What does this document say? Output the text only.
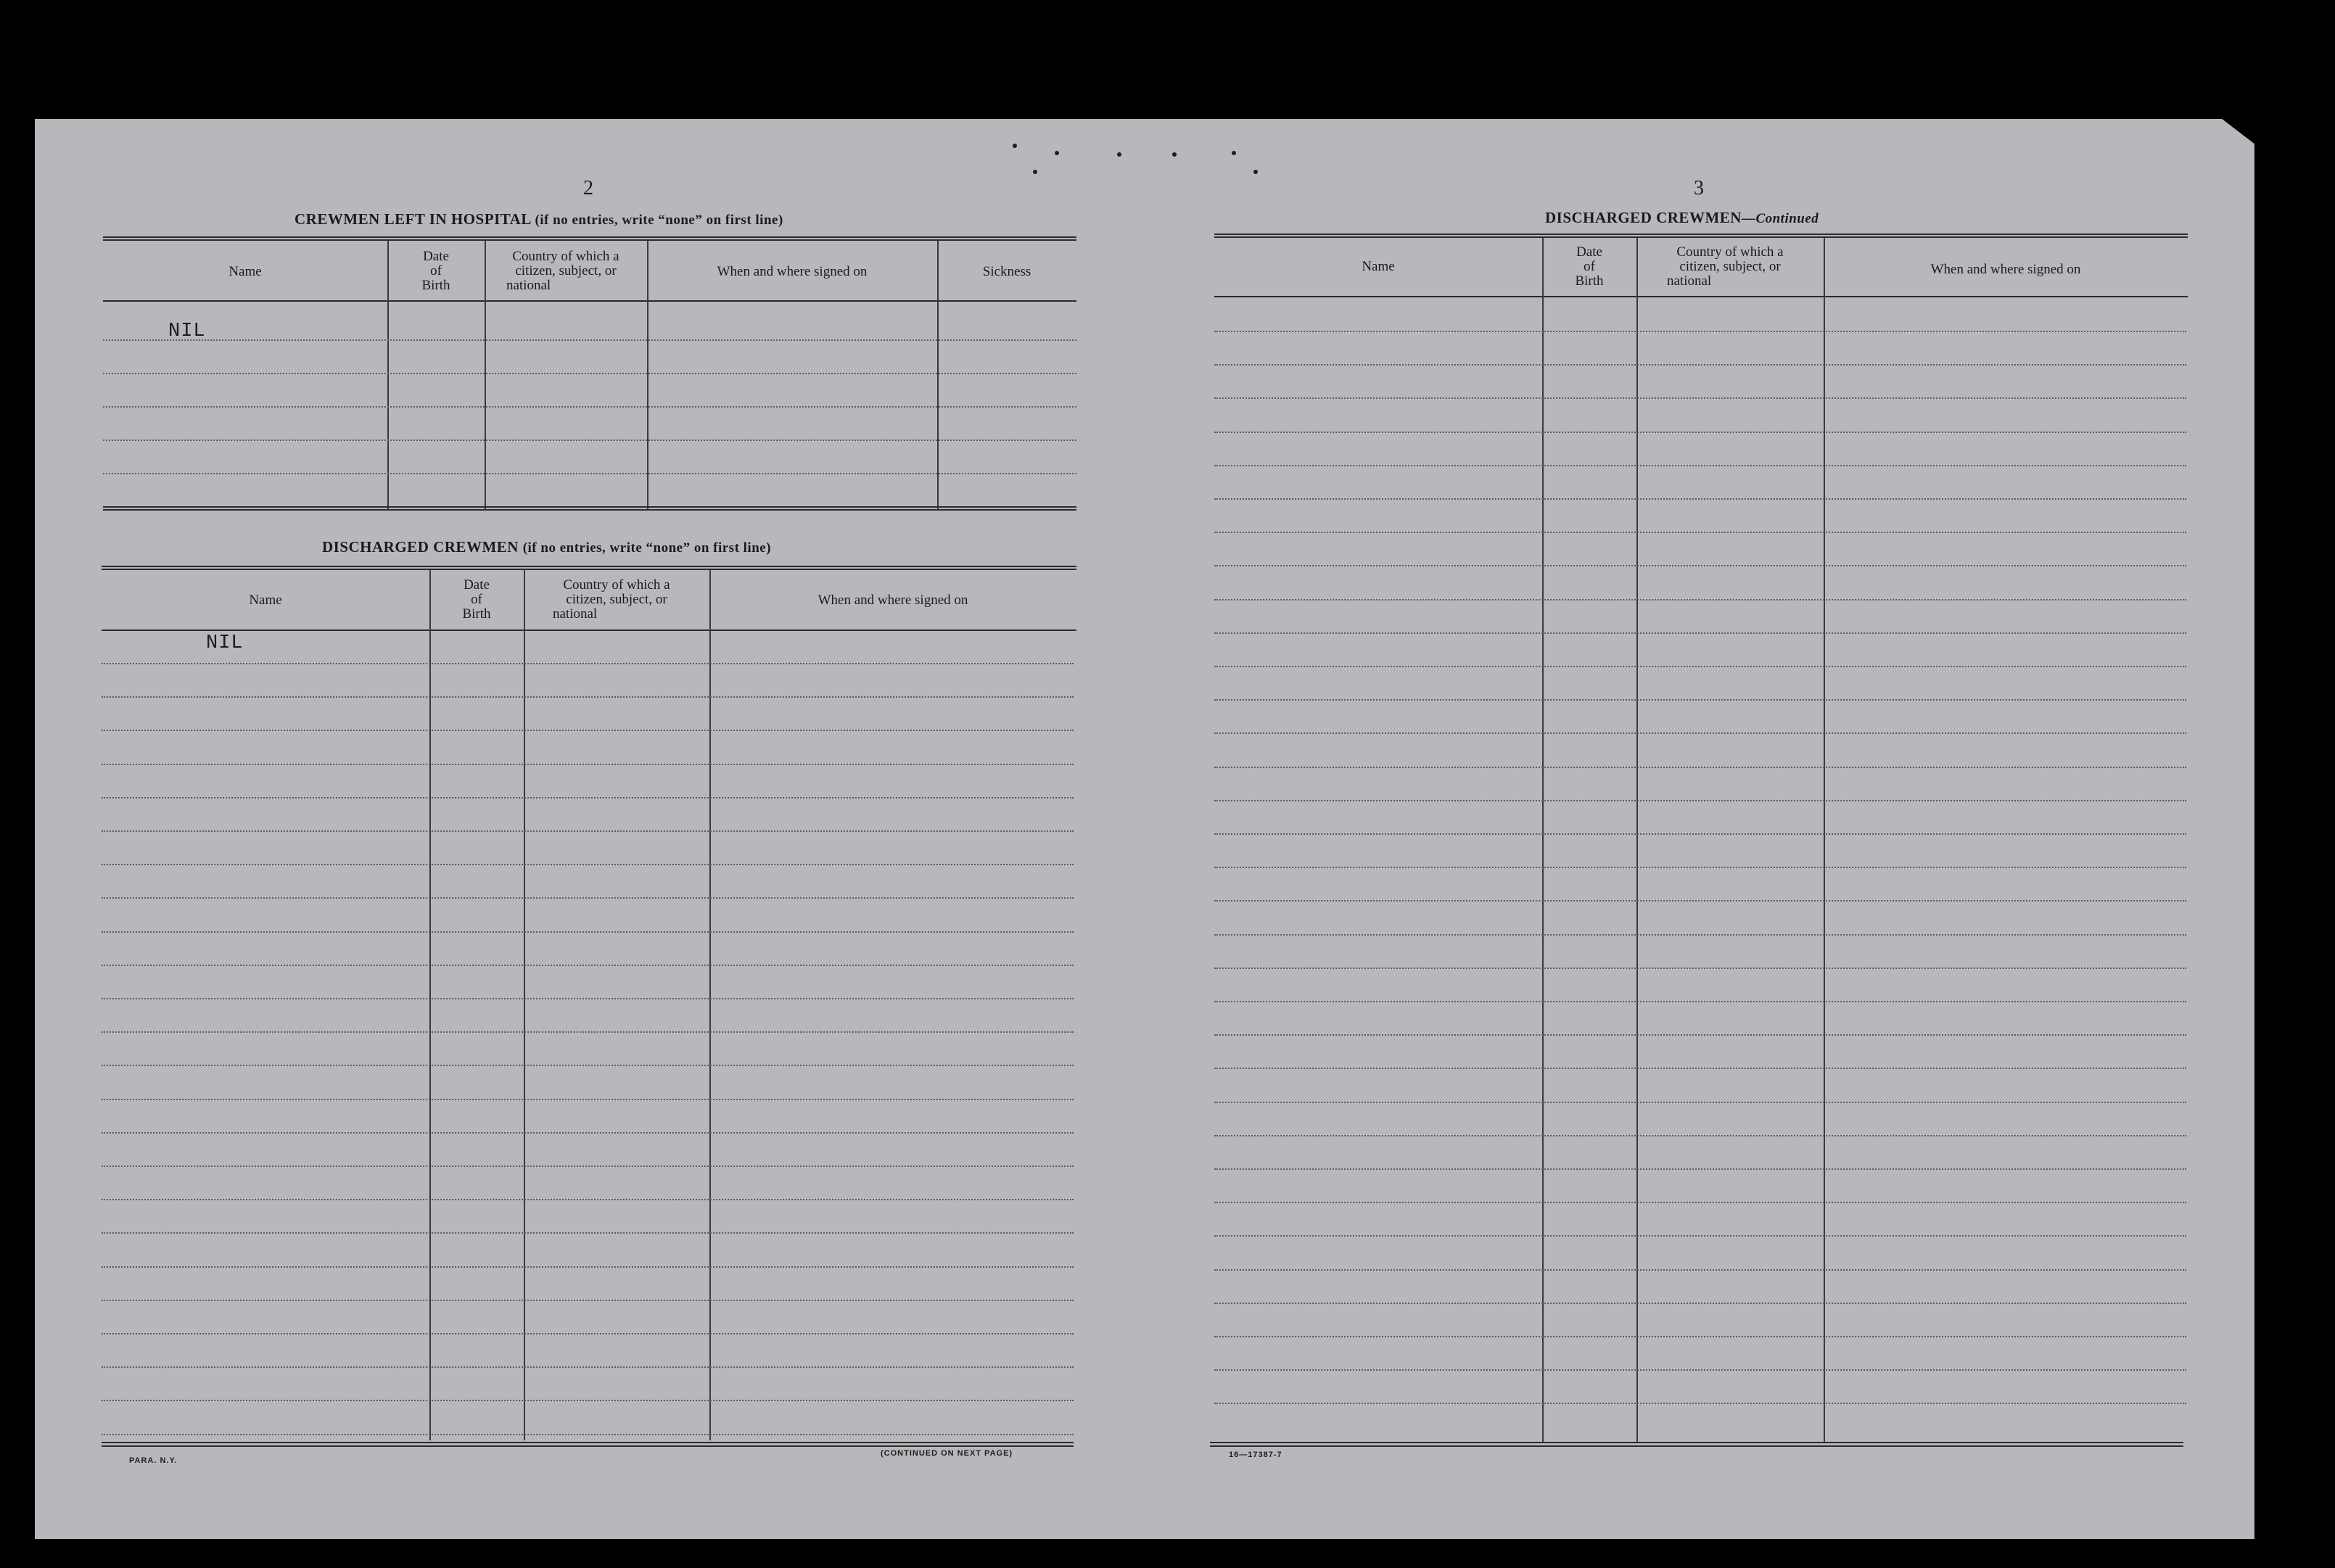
2
CREWMEN LEFT IN HOSPITAL (if no entries, write “none” on first line)
Name
Date
of
Birth
Country of which a
citizen, subject, or
national
When and where signed on	Sickness
NIL
DISCHARGED CREWMEN (if no entries, write “none” on first line)
Name
Date
of
Birth
Country of which a
citizen, subject, or
national
When and where signed on
NIL
PARA. N.Y.
(CONTINUED ON NEXT PAGE)
3
DISCHARGED CREWMEN—Continued
Name
Date
of
Birth
Country of which a
citizen, subject, or
national
When and where signed on
16—17387-7
